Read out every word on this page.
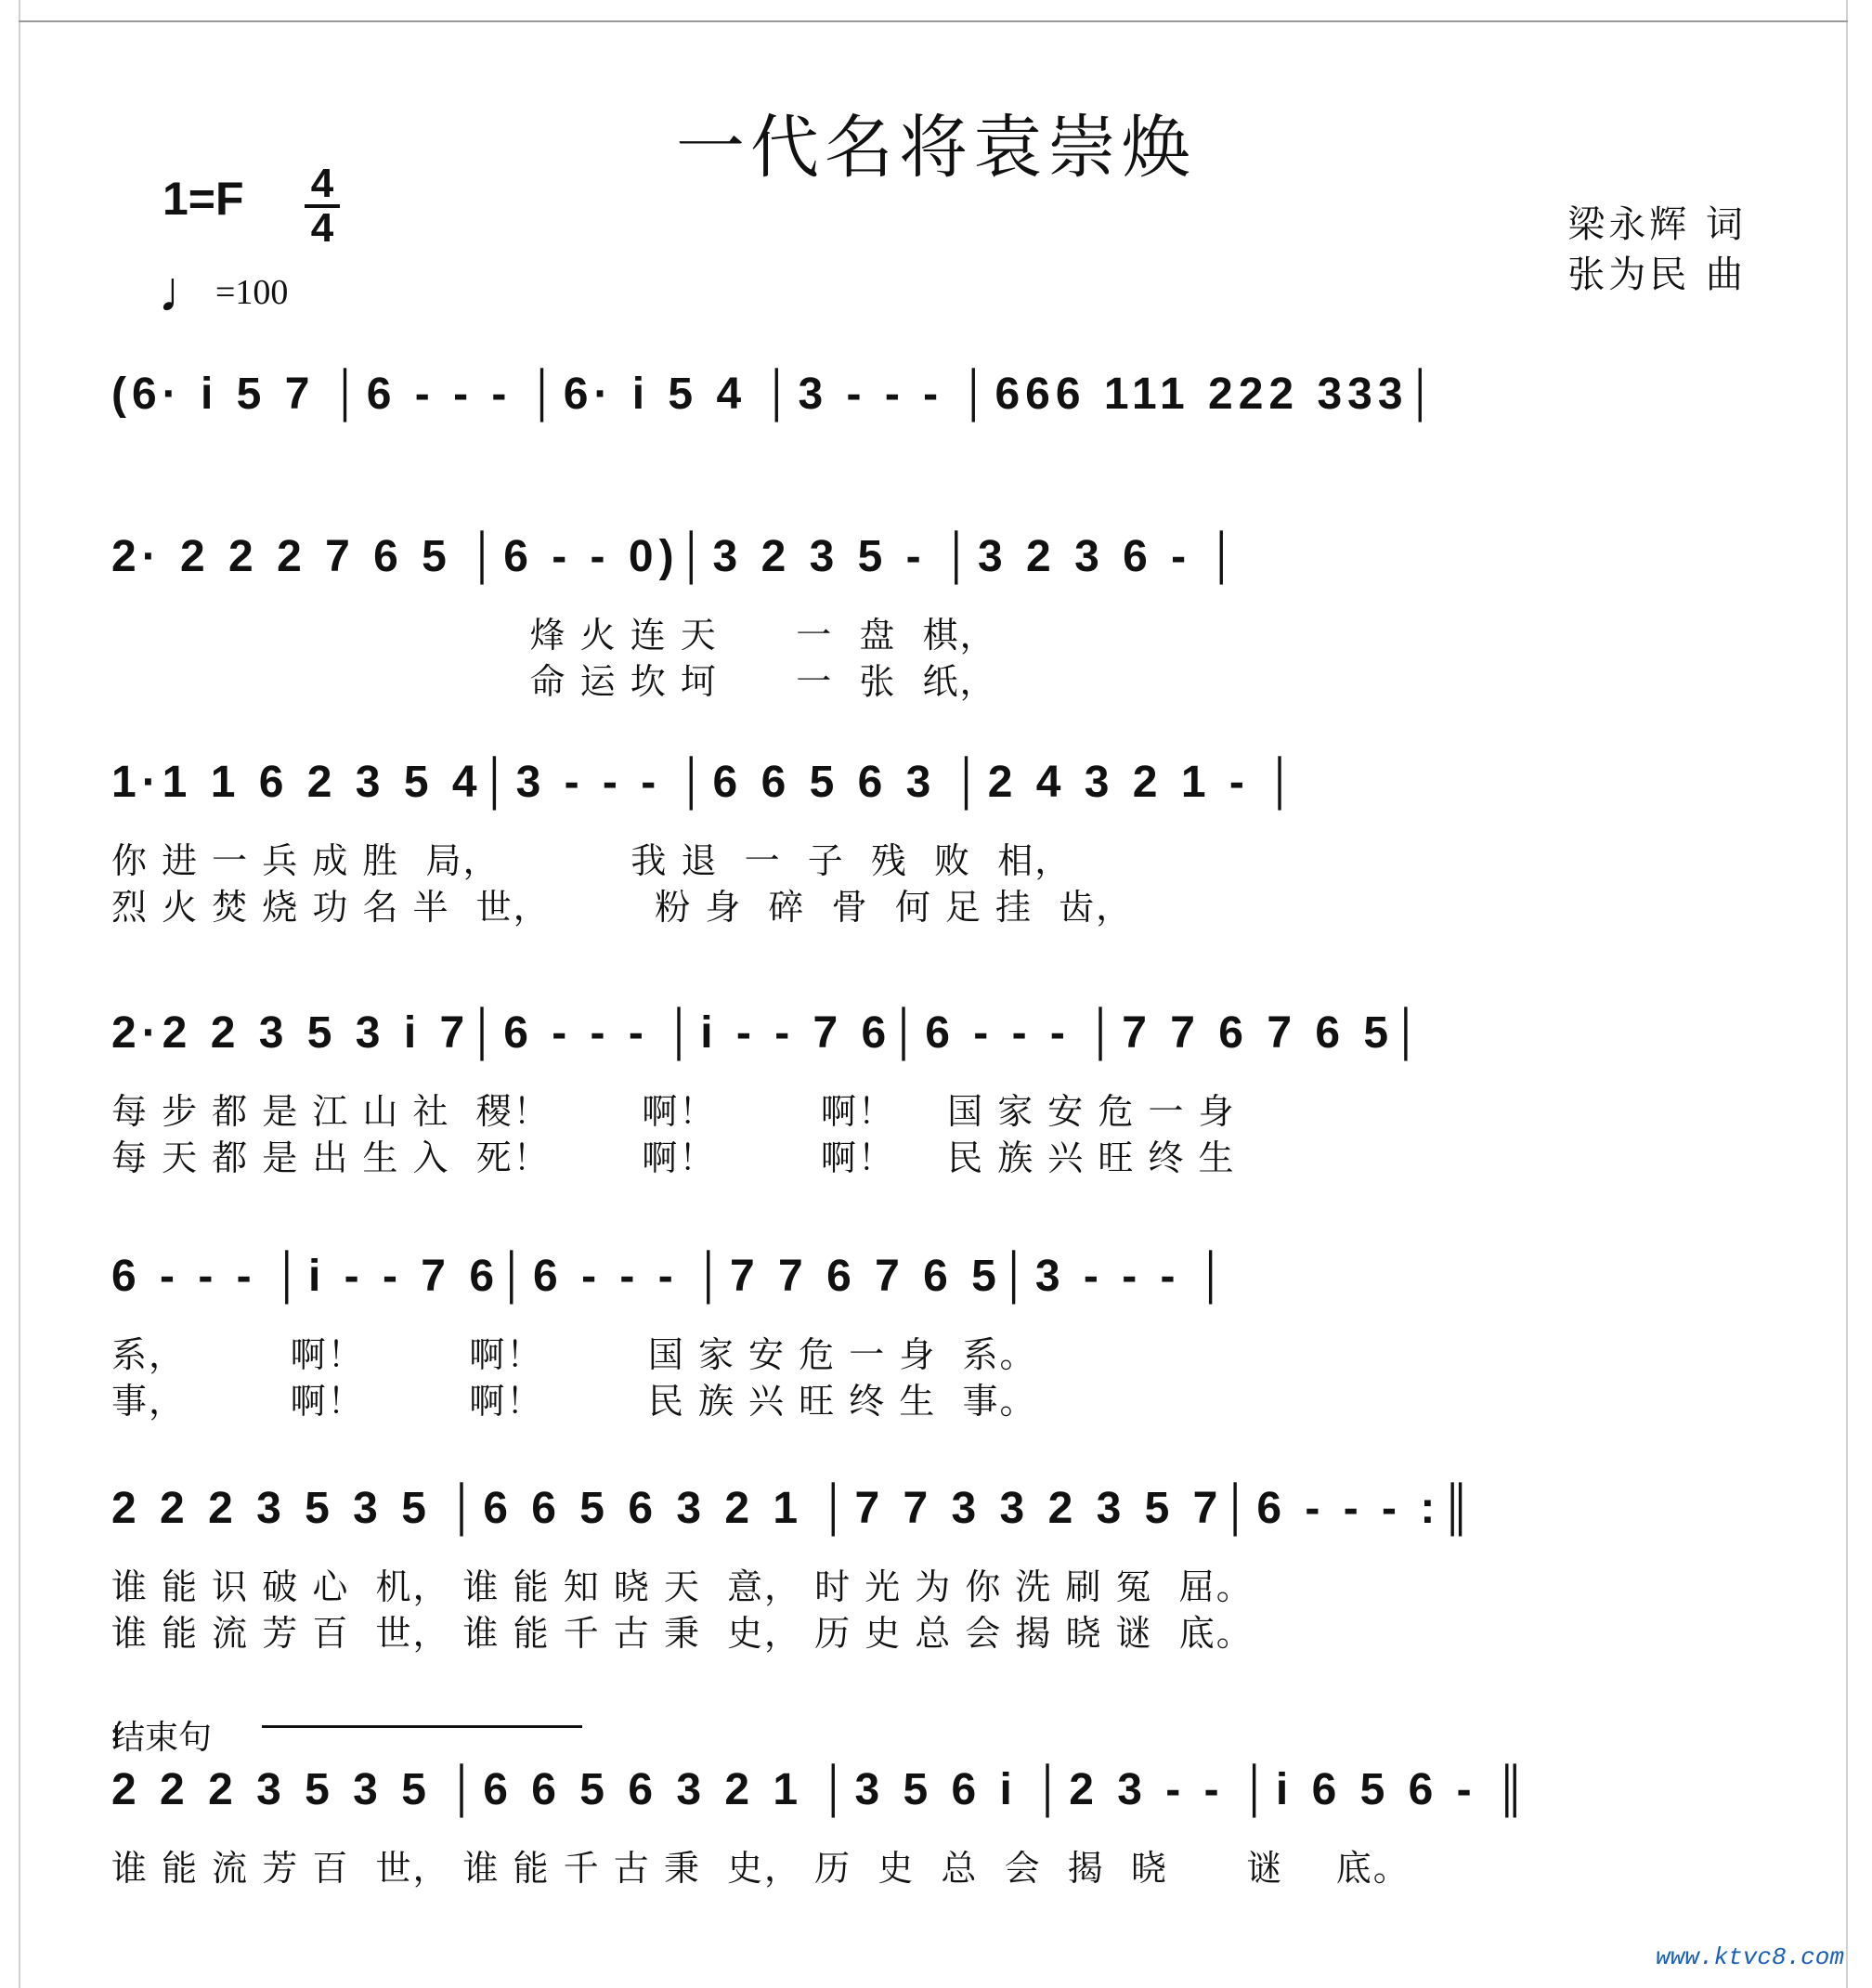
一代名将袁崇焕
1=F 4
4
♩=100
梁永辉 词
张为民 曲
(6· i 5 7 │6 - - - │6· i 5 4 │3 - - - │666 111 222 333│
2· 2 2 2 7 6 5 │6 - - 0)│3 2 3 5 - │3 2 3 6 - │
烽 火 连 天      一  盘  棋，
命 运 坎 坷      一  张  纸，
1·1 1 6 2 3 5 4│3 - - - │6 6 5 6 3 │2 4 3 2 1 - │
你 进 一 兵 成 胜  局，          我 退  一  子  残  败  相，
烈 火 焚 烧 功 名 半  世，        粉 身  碎  骨  何 足 挂  齿，
2·2 2 3 5 3 i 7│6 - - - │i - - 7 6│6 - - - │7 7 6 7 6 5│
每 步 都 是 江 山 社  稷！       啊！        啊！    国 家 安 危 一 身
每 天 都 是 出 生 入  死！       啊！        啊！    民 族 兴 旺 终 生
6 - - - │i - - 7 6│6 - - - │7 7 6 7 6 5│3 - - - │
系，        啊！        啊！        国 家 安 危 一 身  系。
事，        啊！        啊！        民 族 兴 旺 终 生  事。
2 2 2 3 5 3 5 │6 6 5 6 3 2 1 │7 7 3 3 2 3 5 7│6 - - - :║
谁 能 识 破 心  机， 谁 能 知 晓 天  意， 时 光 为 你 洗 刷 冤  屈。
谁 能 流 芳 百  世， 谁 能 千 古 秉  史， 历 史 总 会 揭 晓 谜  底。
结束句
2 2 2 3 5 3 5 │6 6 5 6 3 2 1 │3 5 6 i │2 3 - - │i 6 5 6 - ║
谁 能 流 芳 百  世， 谁 能 千 古 秉  史， 历  史  总  会  揭  晓      谜    底。
www.ktvc8.com
